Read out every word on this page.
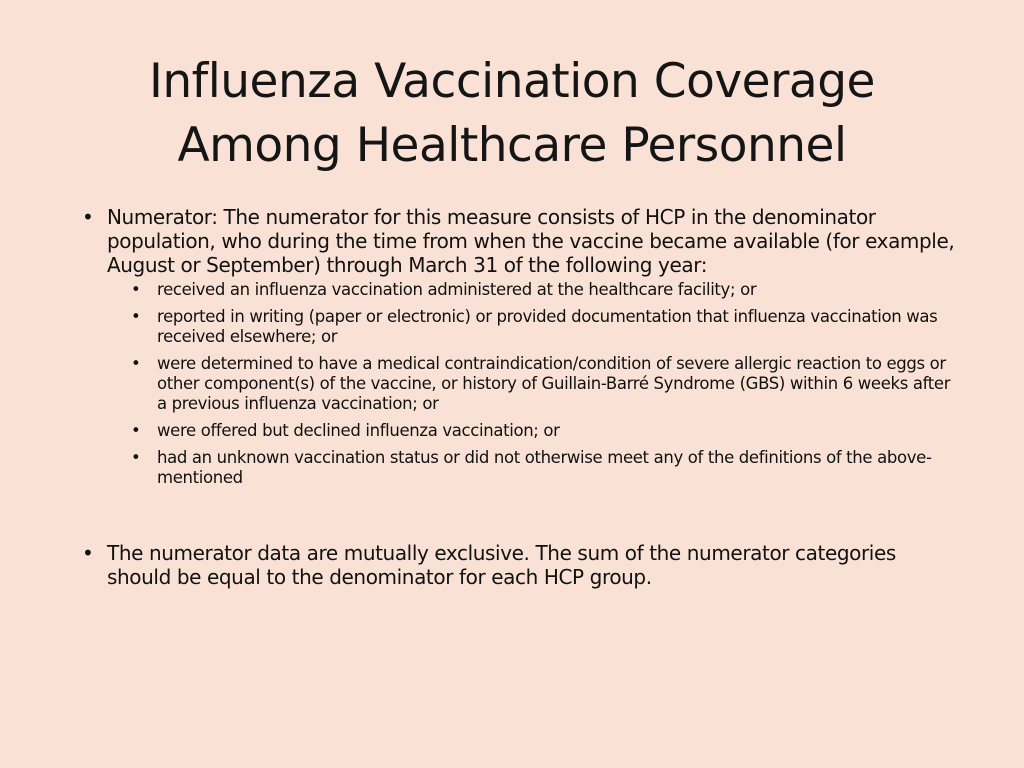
Influenza Vaccination Coverage
Among Healthcare Personnel
• Numerator: The numerator for this measure consists of HCP in the denominator population, who during the time from when the vaccine became available (for example, August or September) through March 31 of the following year:
• received an influenza vaccination administered at the healthcare facility; or
• reported in writing (paper or electronic) or provided documentation that influenza vaccination was received elsewhere; or
• were determined to have a medical contraindication/condition of severe allergic reaction to eggs or other component(s) of the vaccine, or history of Guillain-Barré Syndrome (GBS) within 6 weeks after a previous influenza vaccination; or
• were offered but declined influenza vaccination; or
• had an unknown vaccination status or did not otherwise meet any of the definitions of the above-mentioned
• The numerator data are mutually exclusive. The sum of the numerator categories should be equal to the denominator for each HCP group.
